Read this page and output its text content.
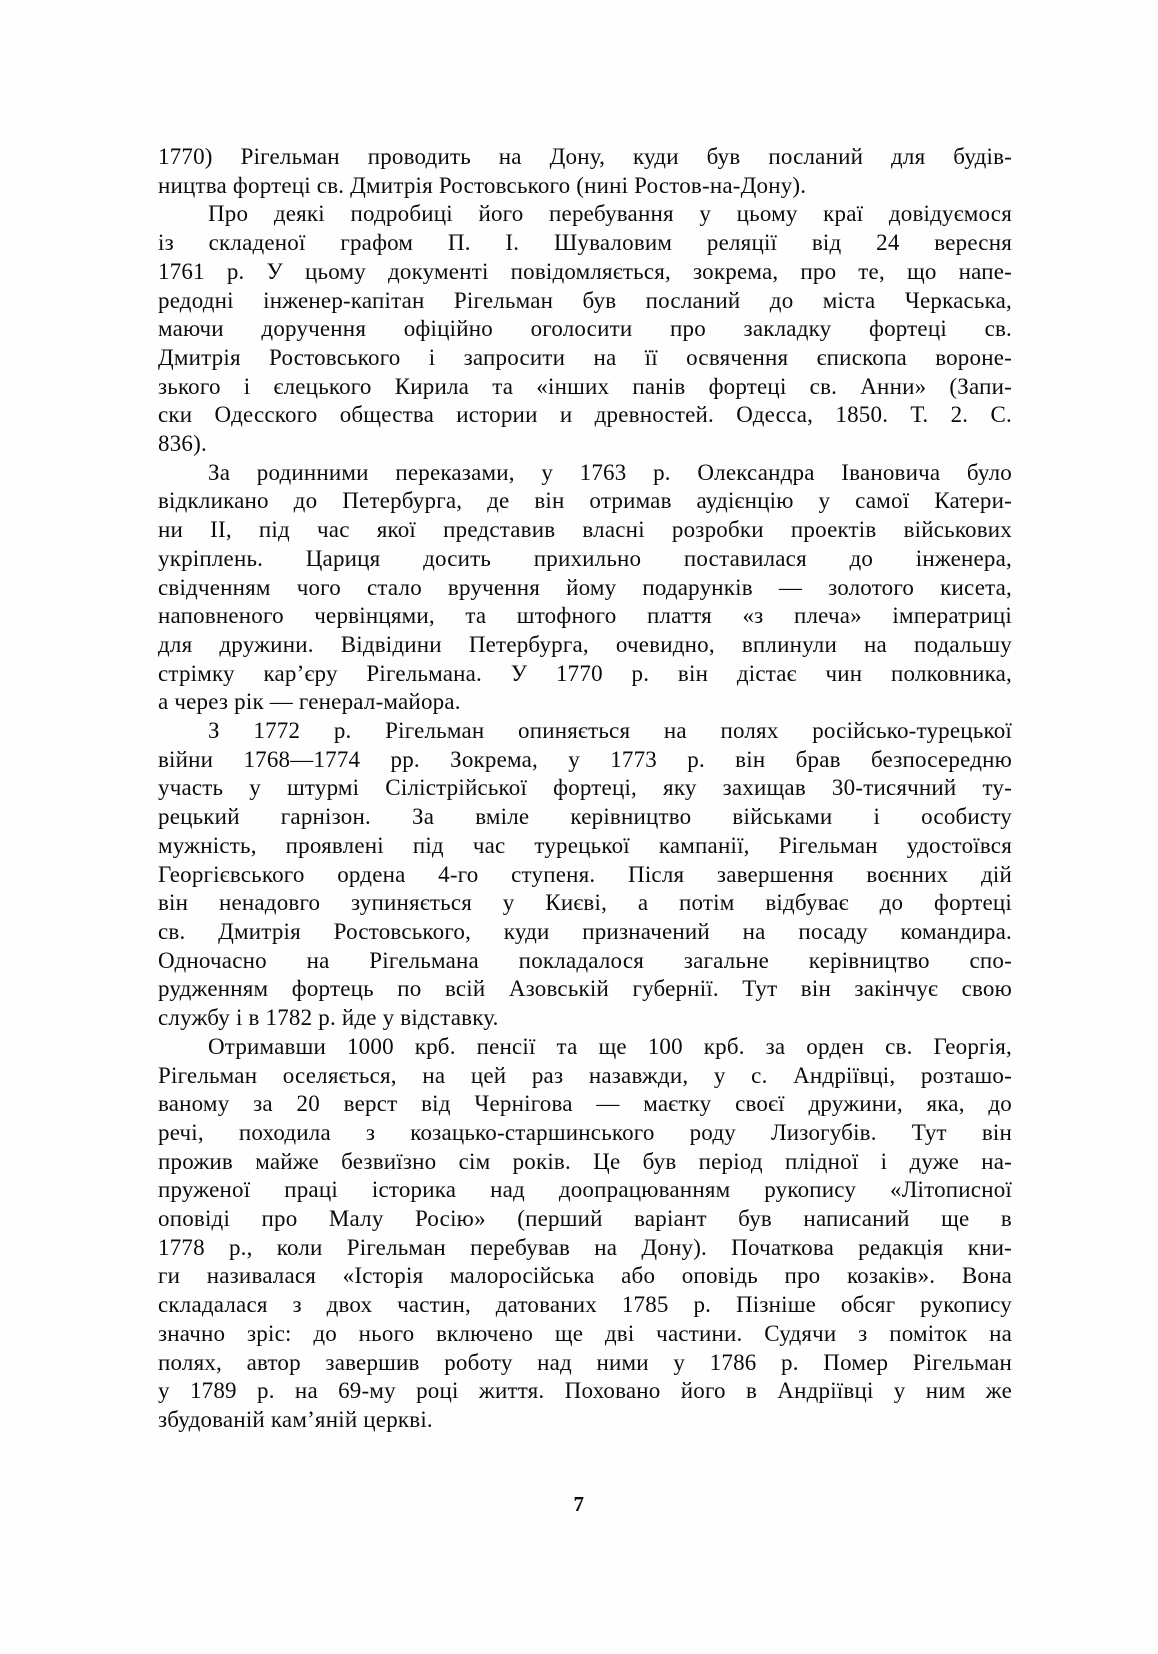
1770) Рігельман проводить на Дону, куди був посланий для будів-
ництва фортеці св. Дмитрія Ростовського (нині Ростов-на-Дону).
Про деякі подробиці його перебування у цьому краї довідуємося
із складеної графом П. І. Шуваловим реляції від 24 вересня
1761 р. У цьому документі повідомляється, зокрема, про те, що напе-
редодні інженер-капітан Рігельман був посланий до міста Черкаська,
маючи доручення офіційно оголосити про закладку фортеці св.
Дмитрія Ростовського і запросити на її освячення єпископа вороне-
зького і єлецького Кирила та «інших панів фортеці св. Анни» (Запи-
ски Одесского общества истории и древностей. Одесса, 1850. Т. 2. С.
836).
За родинними переказами, у 1763 р. Олександра Івановича було
відкликано до Петербурга, де він отримав аудієнцію у самої Катери-
ни II, під час якої представив власні розробки проектів військових
укріплень. Цариця досить прихильно поставилася до інженера,
свідченням чого стало вручення йому подарунків — золотого кисета,
наповненого червінцями, та штофного плаття «з плеча» імператриці
для дружини. Відвідини Петербурга, очевидно, вплинули на подальшу
стрімку кар’єру Рігельмана. У 1770 р. він дістає чин полковника,
а через рік — генерал-майора.
З 1772 р. Рігельман опиняється на полях російсько-турецької
війни 1768—1774 рр. Зокрема, у 1773 р. він брав безпосередню
участь у штурмі Сілістрійської фортеці, яку захищав 30-тисячний ту-
рецький гарнізон. За вміле керівництво військами і особисту
мужність, проявлені під час турецької кампанії, Рігельман удостоївся
Георгієвського ордена 4-го ступеня. Після завершення воєнних дій
він ненадовго зупиняється у Києві, а потім відбуває до фортеці
св. Дмитрія Ростовського, куди призначений на посаду командира.
Одночасно на Рігельмана покладалося загальне керівництво спо-
рудженням фортець по всій Азовській губернії. Тут він закінчує свою
службу і в 1782 р. йде у відставку.
Отримавши 1000 крб. пенсії та ще 100 крб. за орден св. Георгія,
Рігельман оселяється, на цей раз назавжди, у с. Андріївці, розташо-
ваному за 20 верст від Чернігова — маєтку своєї дружини, яка, до
речі, походила з козацько-старшинського роду Лизогубів. Тут він
прожив майже безвиїзно сім років. Це був період плідної і дуже на-
пруженої праці історика над доопрацюванням рукопису «Літописної
оповіді про Малу Росію» (перший варіант був написаний ще в
1778 р., коли Рігельман перебував на Дону). Початкова редакція кни-
ги називалася «Історія малоросійська або оповідь про козаків». Вона
складалася з двох частин, датованих 1785 р. Пізніше обсяг рукопису
значно зріс: до нього включено ще дві частини. Судячи з поміток на
полях, автор завершив роботу над ними у 1786 р. Помер Рігельман
у 1789 р. на 69-му році життя. Поховано його в Андріївці у ним же
збудованій кам’яній церкві.
7
